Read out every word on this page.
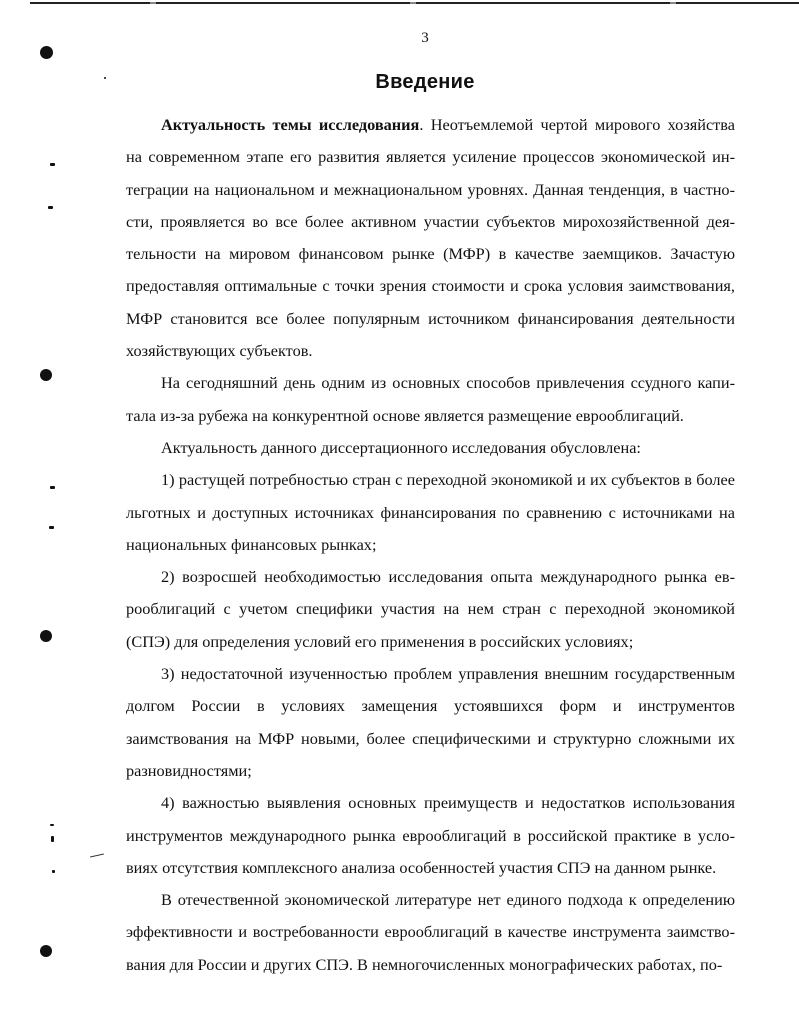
3
Введение

Актуальность темы исследования. Неотъемлемой чертой мирового хозяйства на современном этапе его развития является усиление процессов экономической интеграции на национальном и межнациональном уровнях. Данная тенденция, в частности, проявляется во все более активном участии субъектов мирохозяйственной деятельности на мировом финансовом рынке (МФР) в качестве заемщиков. Зачастую предоставляя оптимальные с точки зрения стоимости и срока условия заимствования, МФР становится все более популярным источником финансирования деятельности хозяйствующих субъектов.

На сегодняшний день одним из основных способов привлечения ссудного капитала из-за рубежа на конкурентной основе является размещение еврооблигаций.

Актуальность данного диссертационного исследования обусловлена:

1) растущей потребностью стран с переходной экономикой и их субъектов в более льготных и доступных источниках финансирования по сравнению с источниками на национальных финансовых рынках;

2) возросшей необходимостью исследования опыта международного рынка еврооблигаций с учетом специфики участия на нем стран с переходной экономикой (СПЭ) для определения условий его применения в российских условиях;

3) недостаточной изученностью проблем управления внешним государственным долгом России в условиях замещения устоявшихся форм и инструментов заимствования на МФР новыми, более специфическими и структурно сложными их разновидностями;

4) важностью выявления основных преимуществ и недостатков использования инструментов международного рынка еврооблигаций в российской практике в условиях отсутствия комплексного анализа особенностей участия СПЭ на данном рынке.

В отечественной экономической литературе нет единого подхода к определению эффективности и востребованности еврооблигаций в качестве инструмента заимствования для России и других СПЭ. В немногочисленных монографических работах, по-
